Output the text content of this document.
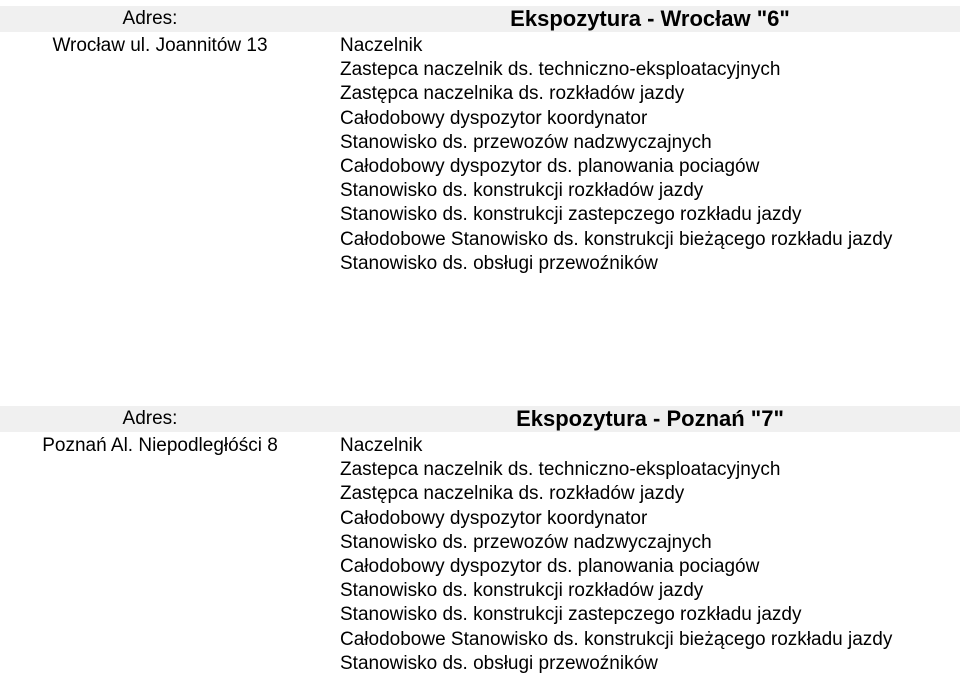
Adres:	Ekspozytura - Wrocław "6"
Wrocław ul. Joannitów 13	Naczelnik
Zastepca naczelnik ds. techniczno-eksploatacyjnych
Zastępca naczelnika ds. rozkładów jazdy
Całodobowy dyspozytor koordynator
Stanowisko ds. przewozów nadzwyczajnych
Całodobowy dyspozytor ds. planowania pociagów
Stanowisko ds. konstrukcji rozkładów jazdy
Stanowisko ds. konstrukcji zastepczego rozkładu jazdy
Całodobowe Stanowisko ds. konstrukcji bieżącego rozkładu jazdy
Stanowisko ds. obsługi przewoźników
Adres:	Ekspozytura - Poznań "7"
Poznań Al. Niepodległóści 8	Naczelnik
Zastepca naczelnik ds. techniczno-eksploatacyjnych
Zastępca naczelnika ds. rozkładów jazdy
Całodobowy dyspozytor koordynator
Stanowisko ds. przewozów nadzwyczajnych
Całodobowy dyspozytor ds. planowania pociagów
Stanowisko ds. konstrukcji rozkładów jazdy
Stanowisko ds. konstrukcji zastepczego rozkładu jazdy
Całodobowe Stanowisko ds. konstrukcji bieżącego rozkładu jazdy
Stanowisko ds. obsługi przewoźników
